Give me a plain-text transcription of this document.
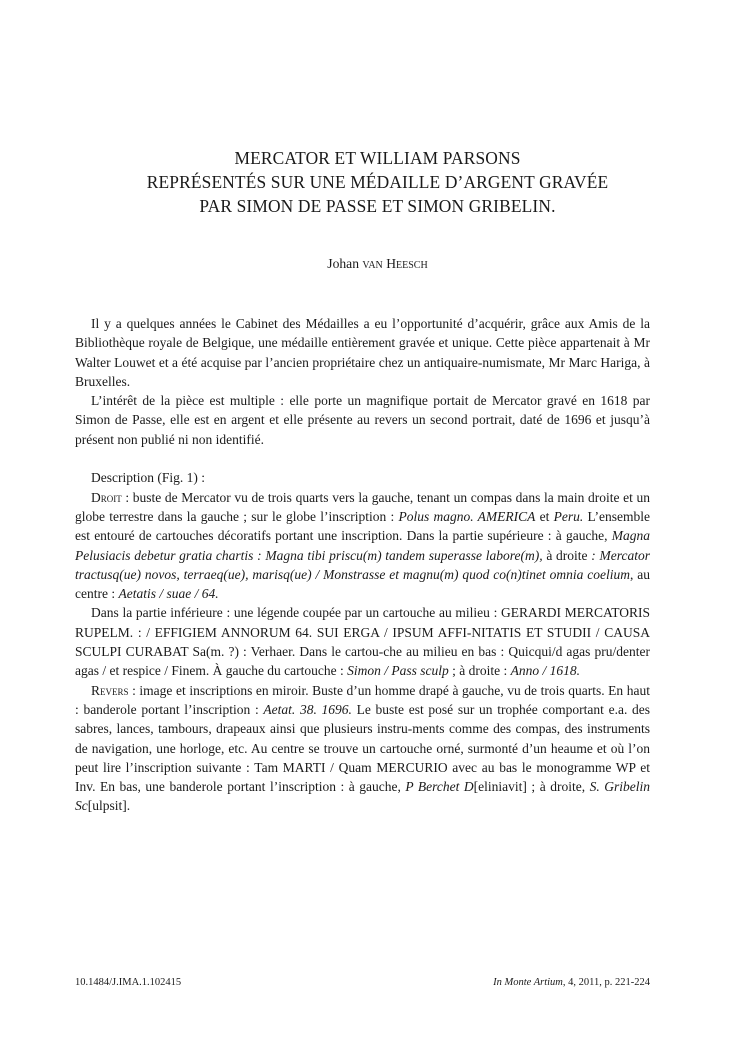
MERCATOR ET WILLIAM PARSONS
REPRÉSENTÉS SUR UNE MÉDAILLE D’ARGENT GRAVÉE
PAR SIMON DE PASSE ET SIMON GRIBELIN.
Johan van Heesch

Il y a quelques années le Cabinet des Médailles a eu l’opportunité d’acquérir, grâce aux Amis de la Bibliothèque royale de Belgique, une médaille entièrement gravée et unique. Cette pièce appartenait à Mr Walter Louwet et a été acquise par l’ancien propriétaire chez un antiquaire-numismate, Mr Marc Hariga, à Bruxelles.

L’intérêt de la pièce est multiple : elle porte un magnifique portait de Mercator gravé en 1618 par Simon de Passe, elle est en argent et elle présente au revers un second portrait, daté de 1696 et jusqu’à présent non publié ni non identifié.

Description (Fig. 1) :

Droit : buste de Mercator vu de trois quarts vers la gauche, tenant un compas dans la main droite et un globe terrestre dans la gauche ; sur le globe l’inscription : Polus magno. AMERICA et Peru. L’ensemble est entouré de cartouches décoratifs portant une inscription. Dans la partie supérieure : à gauche, Magna Pelusiacis debetur gratia chartis : Magna tibi priscu(m) tandem superasse labore(m), à droite : Mercator tractusq(ue) novos, terraeq(ue), marisq(ue) / Monstrasse et magnu(m) quod co(n)tinet omnia coelium, au centre : Aetatis / suae / 64.

Dans la partie inférieure : une légende coupée par un cartouche au milieu : GERARDI MERCATORIS RUPELM. : / EFFIGIEM ANNORUM 64. SUI ERGA / IPSUM AFFI-NITATIS ET STUDII / CAUSA SCULPI CURABAT Sa(m. ?) : Verhaer. Dans le cartou-che au milieu en bas : Quicqui/d agas pru/denter agas / et respice / Finem. À gauche du cartouche : Simon / Pass sculp ; à droite : Anno / 1618.

Revers : image et inscriptions en miroir. Buste d’un homme drapé à gauche, vu de trois quarts. En haut : banderole portant l’inscription : Aetat. 38. 1696. Le buste est posé sur un trophée comportant e.a. des sabres, lances, tambours, drapeaux ainsi que plusieurs instru-ments comme des compas, des instruments de navigation, une horloge, etc. Au centre se trouve un cartouche orné, surmonté d’un heaume et où l’on peut lire l’inscription suivante : Tam MARTI / Quam MERCURIO avec au bas le monogramme WP et Inv. En bas, une banderole portant l’inscription : à gauche, P Berchet D[eliniavit] ; à droite, S. Gribelin Sc[ulpsit].

10.1484/J.IMA.1.102415	In Monte Artium, 4, 2011, p. 221-224
